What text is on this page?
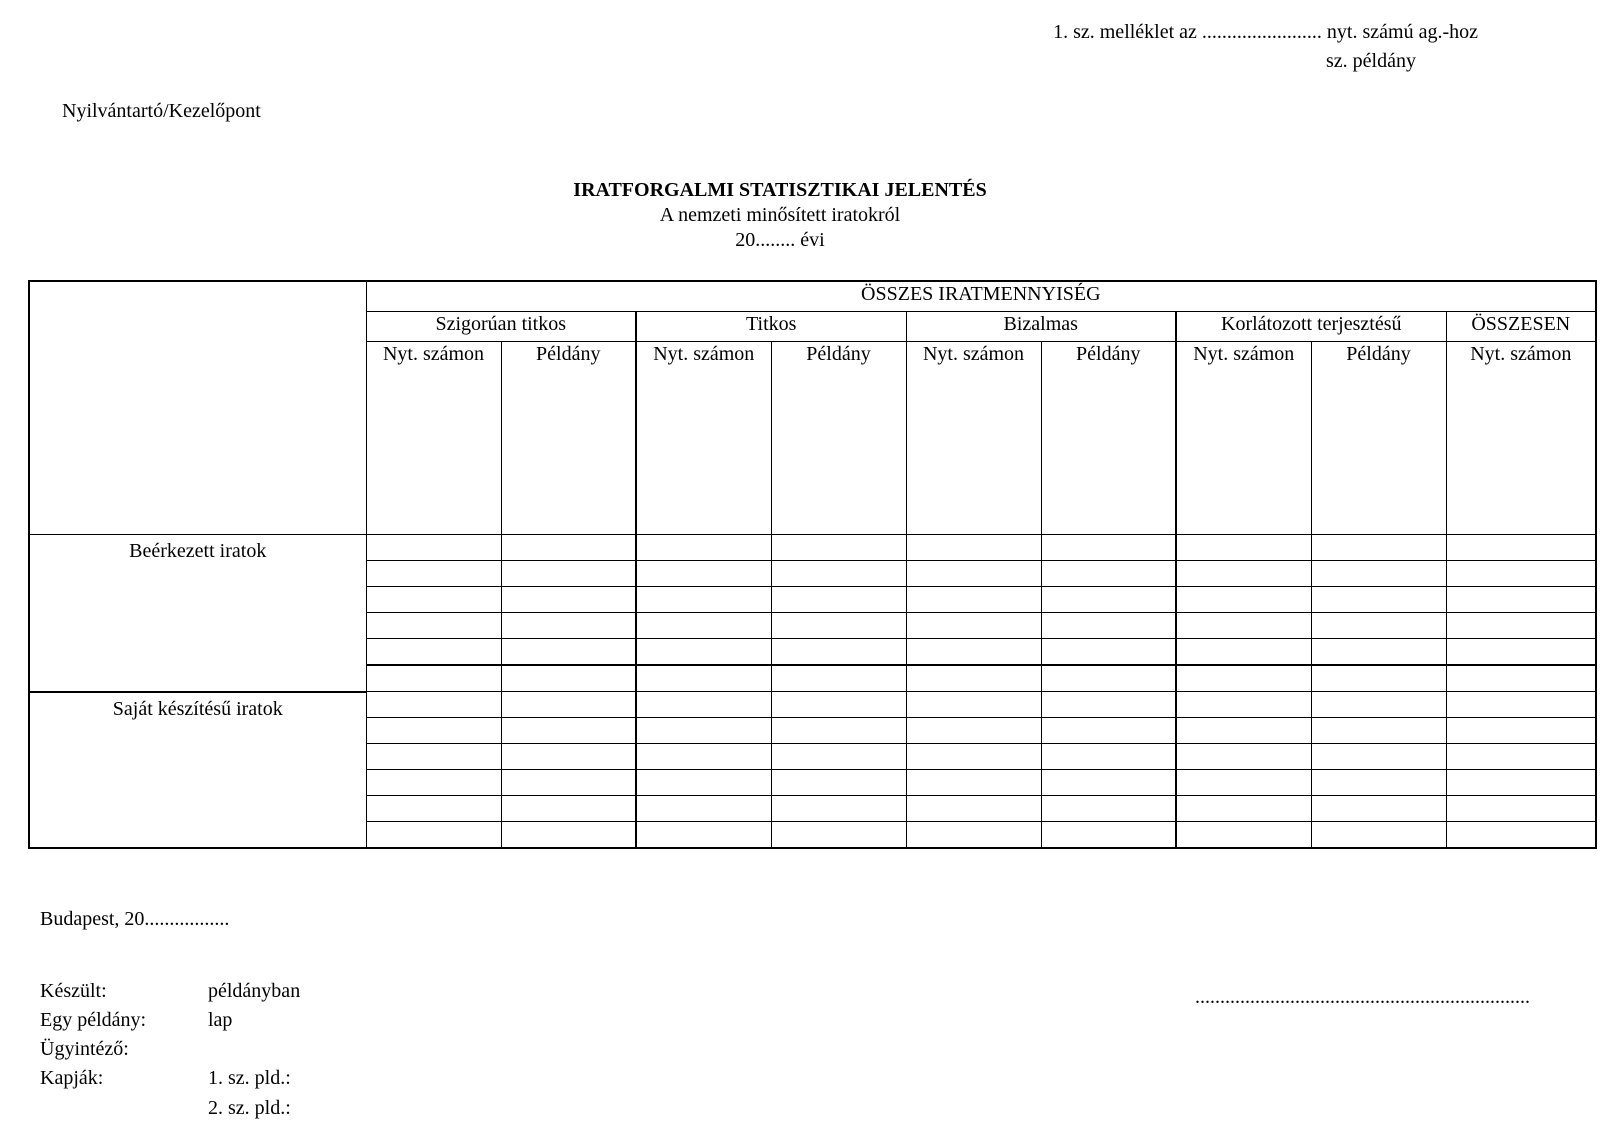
1. sz. melléklet az ........................ nyt. számú ag.-hoz
sz. példány
Nyilvántartó/Kezelőpont
IRATFORGALMI STATISZTIKAI JELENTÉS
A nemzeti minősített iratokról
20........ évi
	ÖSSZES IRATMENNYISÉG								
	Szigorúan titkos		Titkos		Bizalmas		Korlátozott terjesztésű		ÖSSZESEN
	Nyt. számon	Példány	Nyt. számon	Példány	Nyt. számon	Példány	Nyt. számon	Példány	Nyt. számon
Beérkezett iratok									

Saját készítésű iratok									

Budapest, 20.................
...................................................................
Készült:	példányban
Egy példány:	lap
Ügyintéző:
Kapják:	1. sz. pld.:
2. sz. pld.:
